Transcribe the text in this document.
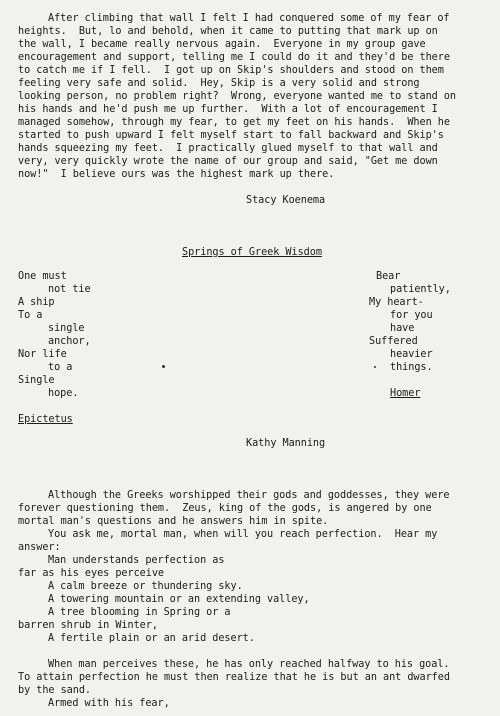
After climbing that wall I felt I had conquered some of my fear of
heights.  But, lo and behold, when it came to putting that mark up on
the wall, I became really nervous again.  Everyone in my group gave
encouragement and support, telling me I could do it and they'd be there
to catch me if I fell.  I got up on Skip's shoulders and stood on them
feeling very safe and solid.  Hey, Skip is a very solid and strong
looking person, no problem right?  Wrong, everyone wanted me to stand on
his hands and he'd push me up further.  With a lot of encouragement I
managed somehow, through my fear, to get my feet on his hands.  When he
started to push upward I felt myself start to fall backward and Skip's
hands squeezing my feet.  I practically glued myself to that wall and
very, very quickly wrote the name of our group and said, "Get me down
now!"  I believe ours was the highest mark up there.
Stacy Koenema
Springs of Greek Wisdom
One must
not tie
A ship
To a
single
anchor,
Nor life
to a
Single
hope.
Epictetus
Bear
patiently,
My heart-
for you
have
Suffered
heavier
things.
Homer
Kathy Manning
Although the Greeks worshipped their gods and goddesses, they were
forever questioning them.  Zeus, king of the gods, is angered by one
mortal man's questions and he answers him in spite.
You ask me, mortal man, when will you reach perfection.  Hear my
answer:
Man understands perfection as
far as his eyes perceive
A calm breeze or thundering sky.
A towering mountain or an extending valley,
A tree blooming in Spring or a
barren shrub in Winter,
A fertile plain or an arid desert.
When man perceives these, he has only reached halfway to his goal.
To attain perfection he must then realize that he is but an ant dwarfed
by the sand.
Armed with his fear,
